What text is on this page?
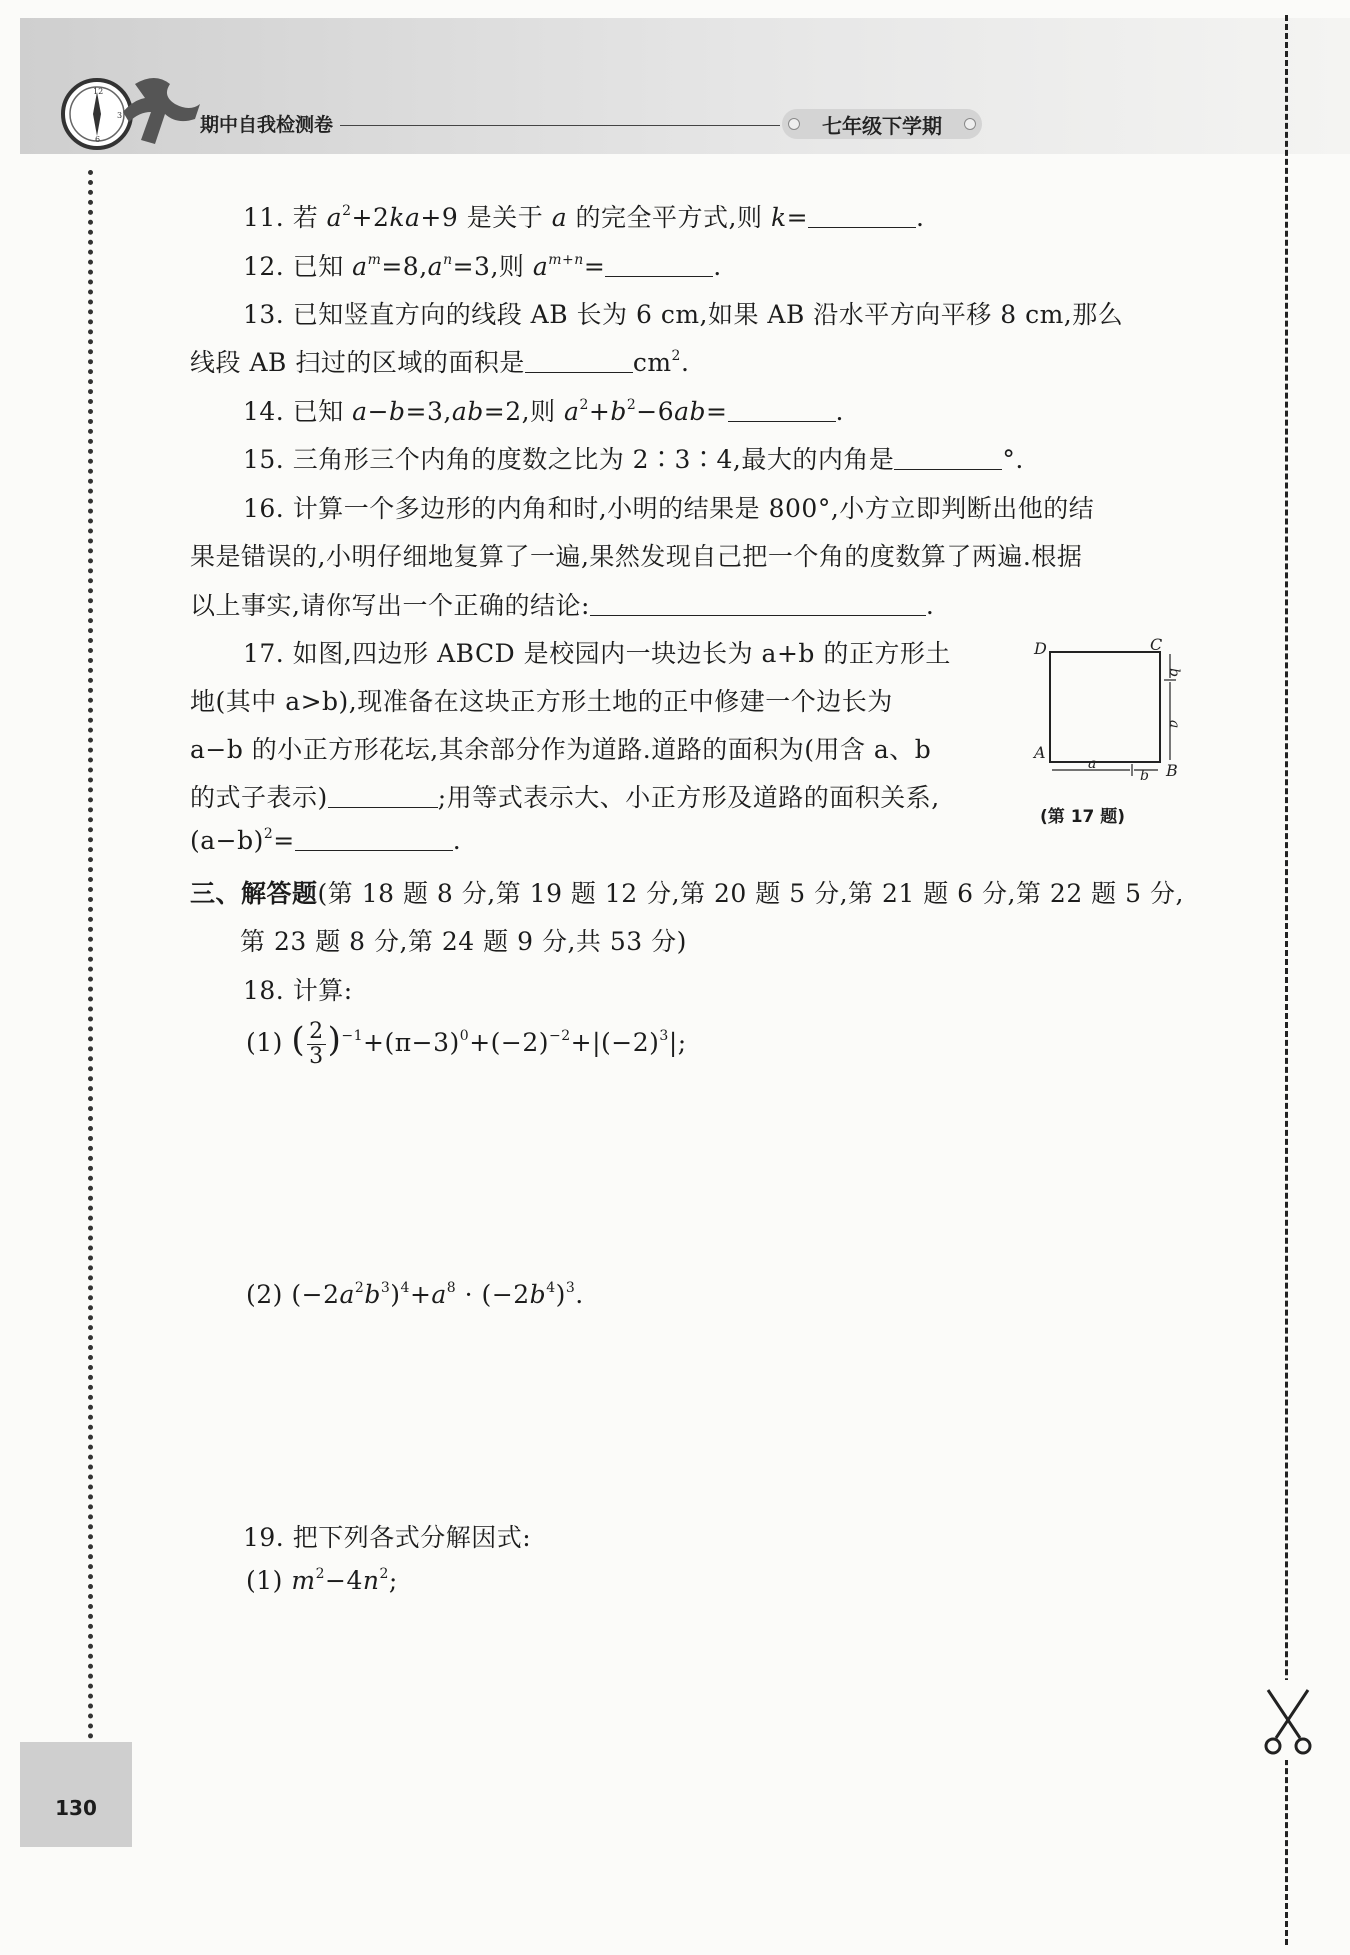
12
3
6
期中自我检测卷	七年级下学期
11. 若 $a^2+2ka+9$ 是关于 a 的完全平方式,则 k=	.
12. 已知 $a^m=8,a^n=3$,则 $a^{m+n}=$	.
13. 已知竖直方向的线段 AB 长为 6 cm,如果 AB 沿水平方向平移 8 cm,那么
线段 AB 扫过的区域的面积是	$cm^2$.
14. 已知 a−b=3,ab=2,则 $a^2+b^2-6ab=$	.
15. 三角形三个内角的度数之比为 2∶3∶4,最大的内角是	°.
16. 计算一个多边形的内角和时,小明的结果是 800°,小方立即判断出他的结
果是错误的,小明仔细地复算了一遍,果然发现自己把一个角的度数算了两遍.根据
以上事实,请你写出一个正确的结论:	.
17. 如图,四边形 ABCD 是校园内一块边长为 a+b 的正方形土
地(其中 a>b),现准备在这块正方形土地的正中修建一个边长为
a−b 的小正方形花坛,其余部分作为道路.道路的面积为(用含 a、b
的式子表示)	;用等式表示大、小正方形及道路的面积关系,
$(a-b)^2=$	.
D	C
A
B
a
b
b
a
(第 17 题)
三、解答题(第 18 题 8 分,第 19 题 12 分,第 20 题 5 分,第 21 题 6 分,第 22 题 5 分,
第 23 题 8 分,第 24 题 9 分,共 53 分)
18. 计算:
(1) ( $\frac{2}{3} )^{-1}+(\pi-3)^0+(-2)^{-2}+|(-2)^3|$;
(2) $(-2a^2b^3)^4+a^8 \cdot (-2b^4)^3$.
19. 把下列各式分解因式:
(1) $m^2-4n^2$;
130
